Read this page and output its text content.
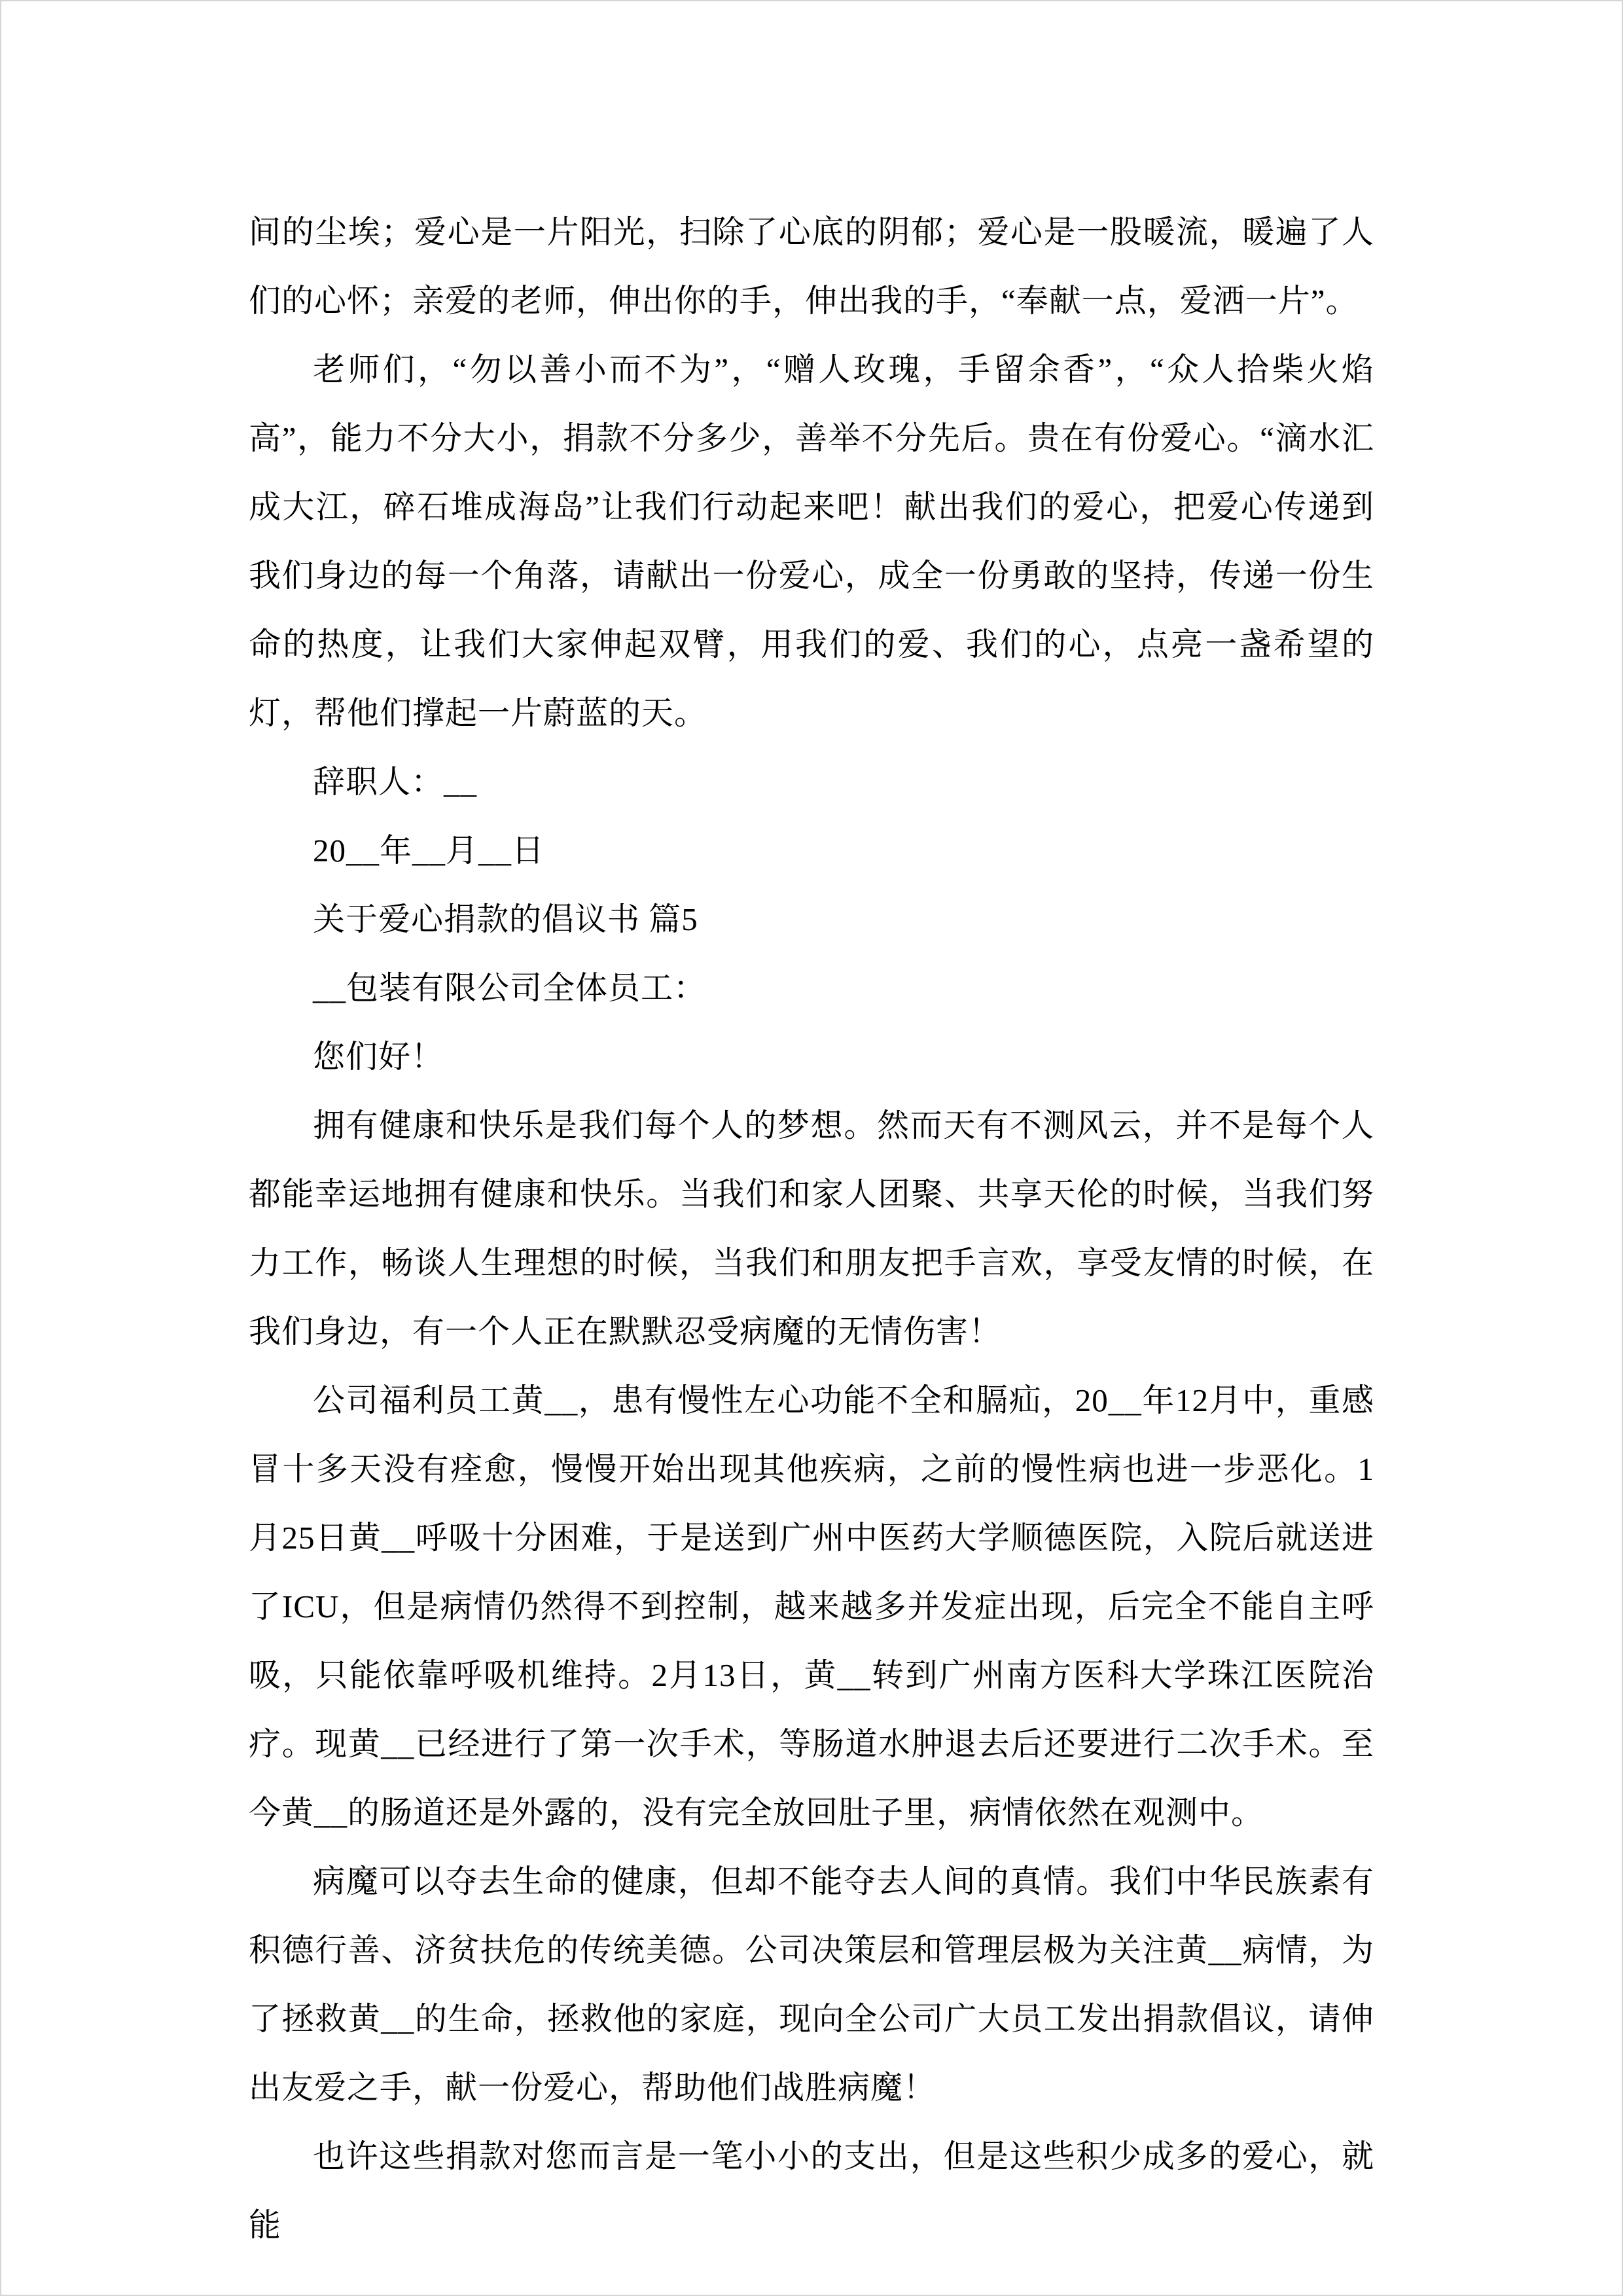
间的尘埃；爱心是一片阳光，扫除了心底的阴郁；爱心是一股暖流，暖遍了人们的心怀；亲爱的老师，伸出你的手，伸出我的手，“奉献一点，爱洒一片”。

老师们，“勿以善小而不为”，“赠人玫瑰，手留余香”，“众人拾柴火焰高”，能力不分大小，捐款不分多少，善举不分先后。贵在有份爱心。“滴水汇成大江，碎石堆成海岛”让我们行动起来吧！献出我们的爱心，把爱心传递到我们身边的每一个角落，请献出一份爱心，成全一份勇敢的坚持，传递一份生命的热度，让我们大家伸起双臂，用我们的爱、我们的心，点亮一盏希望的灯，帮他们撑起一片蔚蓝的天。

辞职人：__

20__年__月__日

关于爱心捐款的倡议书 篇5

__包装有限公司全体员工：

您们好！

拥有健康和快乐是我们每个人的梦想。然而天有不测风云，并不是每个人都能幸运地拥有健康和快乐。当我们和家人团聚、共享天伦的时候，当我们努力工作，畅谈人生理想的时候，当我们和朋友把手言欢，享受友情的时候，在我们身边，有一个人正在默默忍受病魔的无情伤害！

公司福利员工黄__，患有慢性左心功能不全和膈疝，20__年12月中，重感冒十多天没有痊愈，慢慢开始出现其他疾病，之前的慢性病也进一步恶化。1月25日黄__呼吸十分困难，于是送到广州中医药大学顺德医院，入院后就送进了ICU，但是病情仍然得不到控制，越来越多并发症出现，后完全不能自主呼吸，只能依靠呼吸机维持。2月13日，黄__转到广州南方医科大学珠江医院治疗。现黄__已经进行了第一次手术，等肠道水肿退去后还要进行二次手术。至今黄__的肠道还是外露的，没有完全放回肚子里，病情依然在观测中。

病魔可以夺去生命的健康，但却不能夺去人间的真情。我们中华民族素有积德行善、济贫扶危的传统美德。公司决策层和管理层极为关注黄__病情，为了拯救黄__的生命，拯救他的家庭，现向全公司广大员工发出捐款倡议，请伸出友爱之手，献一份爱心，帮助他们战胜病魔！

也许这些捐款对您而言是一笔小小的支出，但是这些积少成多的爱心，就能
